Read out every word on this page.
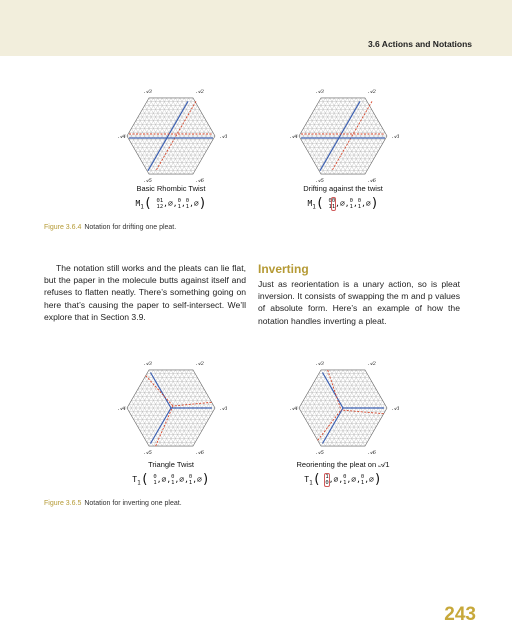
3.6 Actions and Notations
𝒜1
𝒜2
𝒜3
𝒜4
𝒜5	𝒜6
Basic Rhombic Twist
$M_1$( 0
1
1
2 ,∅, 0
1 , 0
1 ,∅)
𝒜1
𝒜2
𝒜3
𝒜4
𝒜5	𝒜6
Drifting against the twist
$M_1$( 0
1
0
1 ,∅, 0
1 , 0
1 ,∅)
Figure 3.6.4 Notation for drifting one pleat.
The notation still works and the pleats can lie flat, but the paper in the molecule butts against itself and refuses to flatten neatly. There’s something going on here that’s causing the paper to self-intersect. We’ll explore that in Section 3.9.
Inverting
Just as reorientation is a unary action, so is pleat inversion. It consists of swapping the m and p values of absolute form. Here’s an example of how the notation handles inverting a pleat.
𝒜1
𝒜2
𝒜3
𝒜4
𝒜5	𝒜6
Triangle Twist
$T_1$( 0
1 ,∅, 0
1 ,∅, 0
1 ,∅)
𝒜1
𝒜2
𝒜3
𝒜4
𝒜5	𝒜6
Reorienting the pleat on 𝒜1
$T_1$( 1
0 ,∅, 0
1 ,∅, 0
1 ,∅)
Figure 3.6.5 Notation for inverting one pleat.
243
